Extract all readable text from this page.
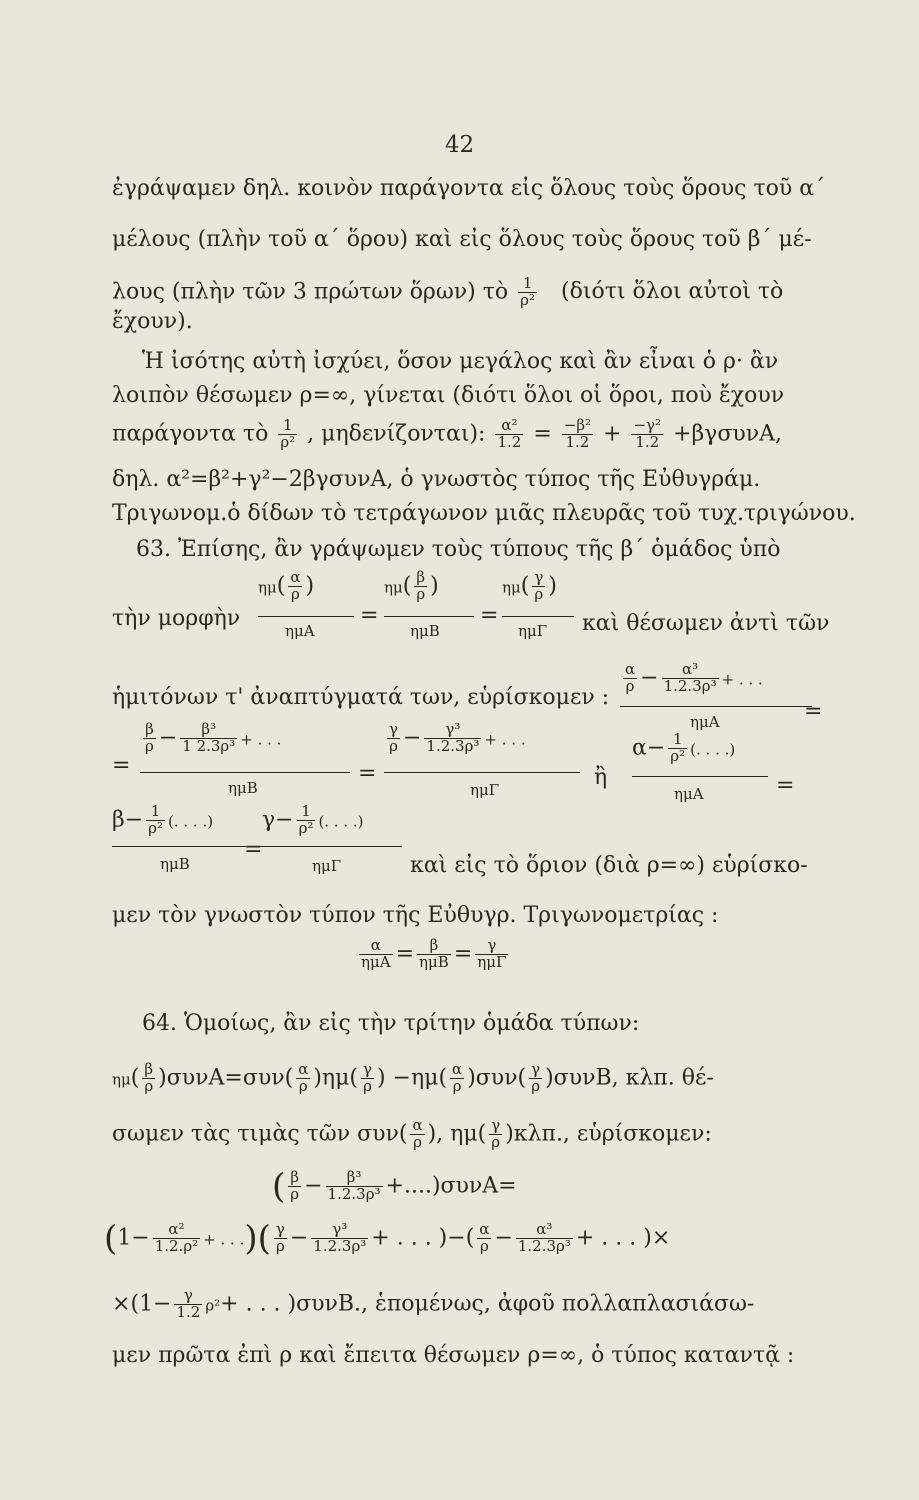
42
ἐγράψαμεν δηλ. κοινὸν παράγοντα εἰς ὅλους τοὺς ὅρους τοῦ α΄
μέλους (πλὴν τοῦ α΄ ὅρου) καὶ εἰς ὅλους τοὺς ὅρους τοῦ β΄ μέ-
λους (πλὴν τῶν 3 πρώτων ὅρων) τὸ $\frac{1}{\text{ρ²}} (\delta\iota ό\tau\iota$ ὅλοι αὐτοὶ τὸ
ἔχουν).
Ἡ ἰσότης αὐτὴ ἰσχύει, ὅσον μεγάλος καὶ ἂν εἶναι ὁ ρ· ἂν
λοιπὸν θέσωμεν ρ=∞, γίνεται (διότι ὅλοι οἱ ὅροι, ποὺ ἔχουν
παράγοντα τὸ $\frac{1}{\text{ρ²}}$ , μηδενίζονται): $\frac{\text{α²}}{1.2} = \frac{\text{−β²}}{1.2} + \frac{\text{−γ²}}{1.2} +\beta\gamma\sigma\upsilon\nu A$,
δηλ. α²=β²+γ²−2βγσυνΑ, ὁ γνωστὸς τύπος τῆς Εὐθυγράμ.
Τριγωνομ.ὁ δίδων τὸ τετράγωνον μιᾶς πλευρᾶς τοῦ τυχ.τριγώνου.
63. Ἐπίσης, ἂν γράψωμεν τοὺς τύπους τῆς β΄ ὁμάδος ὑπὸ
τὴν μορφὴν
$\eta\mu( \frac{\alpha}{\rho}$ )
ημΑ
=
$\eta\mu( \frac{\beta}{\rho}$ )
ημΒ
=
$\eta\mu( \frac{\gamma}{\rho}$ )
ημΓ καὶ θέσωμεν ἀντὶ τῶν
ἡμιτόνων τ' ἀναπτύγματά των, εὑρίσκομεν :
$\frac{\alpha}{\rho} - \frac{\text{α³}}{\text{1.2.3ρ³}}$ + . . .
ημΑ	=
=
$\frac{\beta}{\rho} - \frac{\text{β³}}{\text{1 2.3ρ³}}$ + . . .
ημΒ
=
$\frac{\gamma}{\rho} - \frac{\text{γ³}}{\text{1.2.3ρ³}}$ + . . .
ημΓ	ἢ
$\alpha- \frac{1}{\text{ρ²}}$ (. . . .)
ημΑ	=
$\beta- \frac{1}{\text{ρ²}}$ (. . . .)
ημΒ
=
$\gamma- \frac{1}{\text{ρ²}}$ (. . . .)
ημΓ	καὶ εἰς τὸ ὅριον (διὰ ρ=∞) εὑρίσκο-
μεν τὸν γνωστὸν τύπον τῆς Εὐθυγρ. Τριγωνομετρίας :
$\frac{\alpha}{\text{ημΑ}} = \frac{\beta}{\text{ημΒ}} = \frac{\gamma}{\text{ημΓ}}$
64. Ὁμοίως, ἂν εἰς τὴν τρίτην ὁμάδα τύπων:
$\eta\mu( \frac{\beta}{\rho} )\sigma\upsilon\nu A=\sigma\upsilon\nu( \frac{\alpha}{\rho} )\eta\mu( \frac{\gamma}{\rho}$ ) $-\eta\mu( \frac{\alpha}{\rho} )\sigma\upsilon\nu( \frac{\gamma}{\rho} )\sigma\upsilon\nu B$, κλπ. θέ-
σωμεν τὰς τιμὰς τῶν $\sigma\upsilon\nu( \frac{\alpha}{\rho}$ ), $\eta\mu( \frac{\gamma}{\rho} )\kappa\lambda\pi$., εὑρίσκομεν:
( $\frac{\beta}{\rho} - \frac{\text{β³}}{\text{1.2.3ρ³}} +....)\sigma\upsilon\nu A=$
($1- \frac{\text{α²}}{\text{1.2.ρ²}}$ + . . .)( $\frac{\gamma}{\rho} - \frac{\text{γ³}}{\text{1.2.3ρ³}}$ + . . . )−( $\frac{\alpha}{\rho} - \frac{\text{α³}}{\text{1.2.3ρ³}}$ + . . . )×
$\times(1- \frac{\gamma}{1.2} \rho^2+$ . . . )συνΒ., ἑπομένως, ἀφοῦ πολλαπλασιάσω-
μεν πρῶτα ἐπὶ ρ καὶ ἔπειτα θέσωμεν ρ=∞, ὁ τύπος καταντᾷ :
